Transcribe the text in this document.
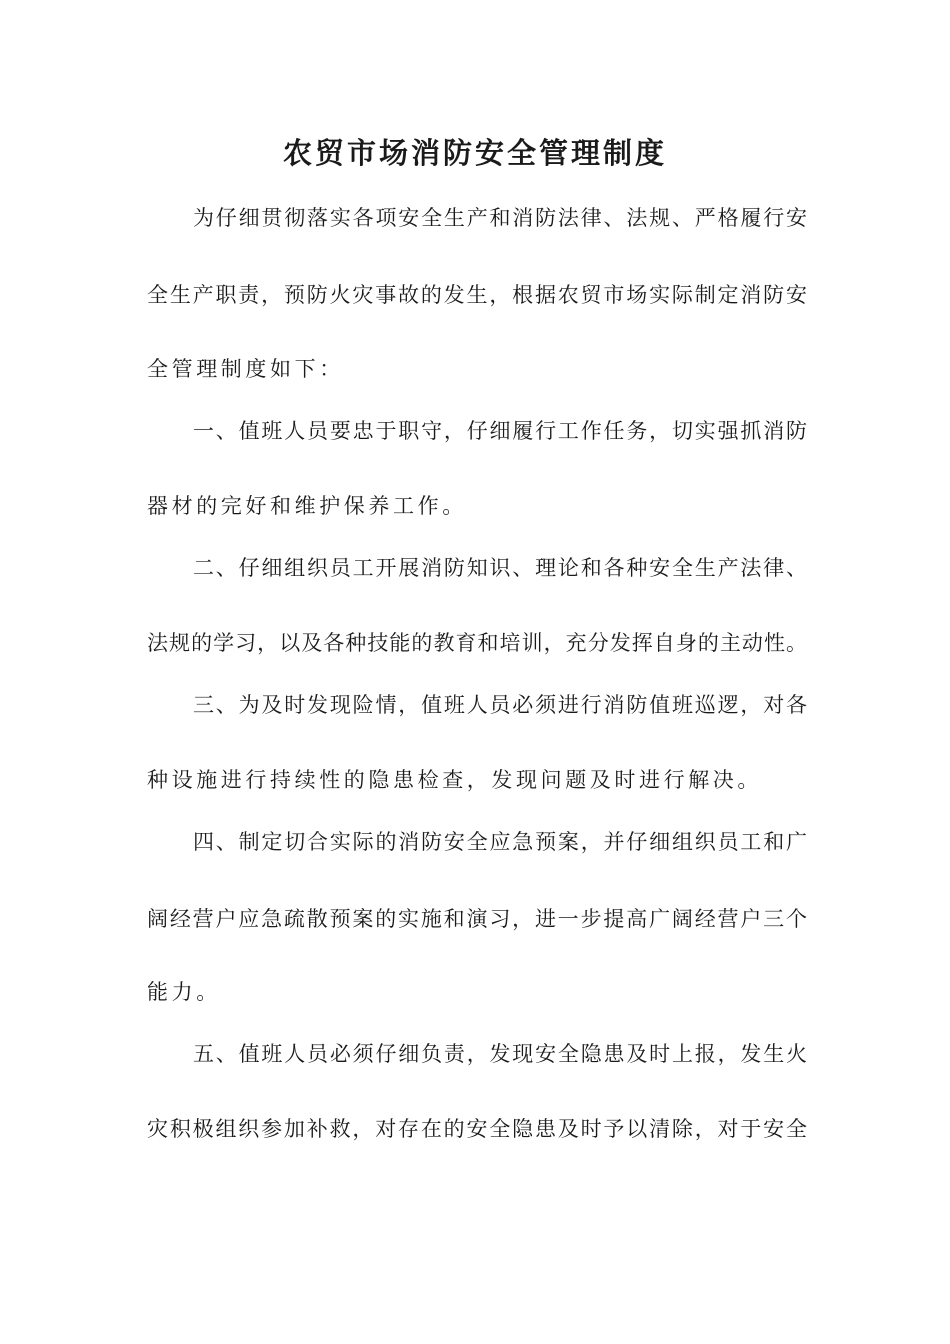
农贸市场消防安全管理制度
为仔细贯彻落实各项安全生产和消防法律、法规、严格履行安
全生产职责，预防火灾事故的发生，根据农贸市场实际制定消防安
全管理制度如下：
一、值班人员要忠于职守，仔细履行工作任务，切实强抓消防
器材的完好和维护保养工作。
二、仔细组织员工开展消防知识、理论和各种安全生产法律、
法规的学习，以及各种技能的教育和培训，充分发挥自身的主动性。
三、为及时发现险情，值班人员必须进行消防值班巡逻，对各
种设施进行持续性的隐患检查，发现问题及时进行解决。
四、制定切合实际的消防安全应急预案，并仔细组织员工和广
阔经营户应急疏散预案的实施和演习，进一步提高广阔经营户三个
能力。
五、值班人员必须仔细负责，发现安全隐患及时上报，发生火
灾积极组织参加补救，对存在的安全隐患及时予以清除，对于安全
